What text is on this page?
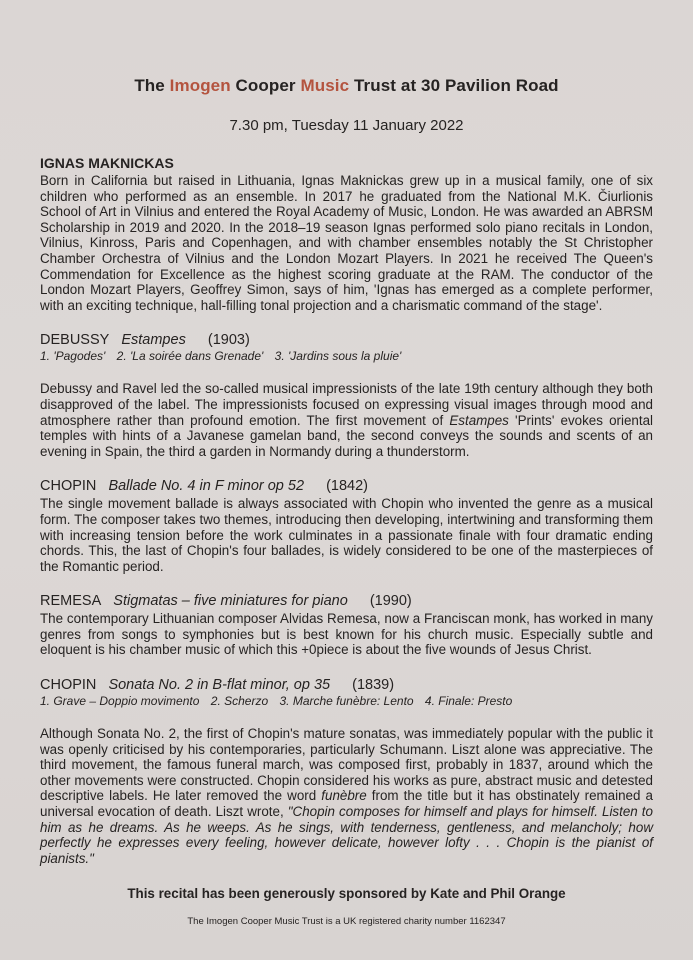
The Imogen Cooper Music Trust at 30 Pavilion Road
7.30 pm, Tuesday 11 January 2022
IGNAS MAKNICKAS

Born in California but raised in Lithuania, Ignas Maknickas grew up in a musical family, one of six children who performed as an ensemble. In 2017 he graduated from the National M.K. Čiurlionis School of Art in Vilnius and entered the Royal Academy of Music, London. He was awarded an ABRSM Scholarship in 2019 and 2020. In the 2018–19 season Ignas performed solo piano recitals in London, Vilnius, Kinross, Paris and Copenhagen, and with chamber ensembles notably the St Christopher Chamber Orchestra of Vilnius and the London Mozart Players. In 2021 he received The Queen's Commendation for Excellence as the highest scoring graduate at the RAM. The conductor of the London Mozart Players, Geoffrey Simon, says of him, 'Ignas has emerged as a complete performer, with an exciting technique, hall-filling tonal projection and a charismatic command of the stage'.

DEBUSSY Estampes (1903)
1. 'Pagodes' 2. 'La soirée dans Grenade' 3. 'Jardins sous la pluie'

Debussy and Ravel led the so-called musical impressionists of the late 19th century although they both disapproved of the label. The impressionists focused on expressing visual images through mood and atmosphere rather than profound emotion. The first movement of Estampes 'Prints' evokes oriental temples with hints of a Javanese gamelan band, the second conveys the sounds and scents of an evening in Spain, the third a garden in Normandy during a thunderstorm.

CHOPIN Ballade No. 4 in F minor op 52 (1842)

The single movement ballade is always associated with Chopin who invented the genre as a musical form. The composer takes two themes, introducing then developing, intertwining and transforming them with increasing tension before the work culminates in a passionate finale with four dramatic ending chords. This, the last of Chopin's four ballades, is widely considered to be one of the masterpieces of the Romantic period.

REMESA Stigmatas – five miniatures for piano (1990)

The contemporary Lithuanian composer Alvidas Remesa, now a Franciscan monk, has worked in many genres from songs to symphonies but is best known for his church music. Especially subtle and eloquent is his chamber music of which this +0piece is about the five wounds of Jesus Christ.

CHOPIN Sonata No. 2 in B-flat minor, op 35 (1839)
1. Grave – Doppio movimento 2. Scherzo 3. Marche funèbre: Lento 4. Finale: Presto

Although Sonata No. 2, the first of Chopin's mature sonatas, was immediately popular with the public it was openly criticised by his contemporaries, particularly Schumann. Liszt alone was appreciative. The third movement, the famous funeral march, was composed first, probably in 1837, around which the other movements were constructed. Chopin considered his works as pure, abstract music and detested descriptive labels. He later removed the word funèbre from the title but it has obstinately remained a universal evocation of death. Liszt wrote, "Chopin composes for himself and plays for himself. Listen to him as he dreams. As he weeps. As he sings, with tenderness, gentleness, and melancholy; how perfectly he expresses every feeling, however delicate, however lofty . . . Chopin is the pianist of pianists."

This recital has been generously sponsored by Kate and Phil Orange
The Imogen Cooper Music Trust is a UK registered charity number 1162347
